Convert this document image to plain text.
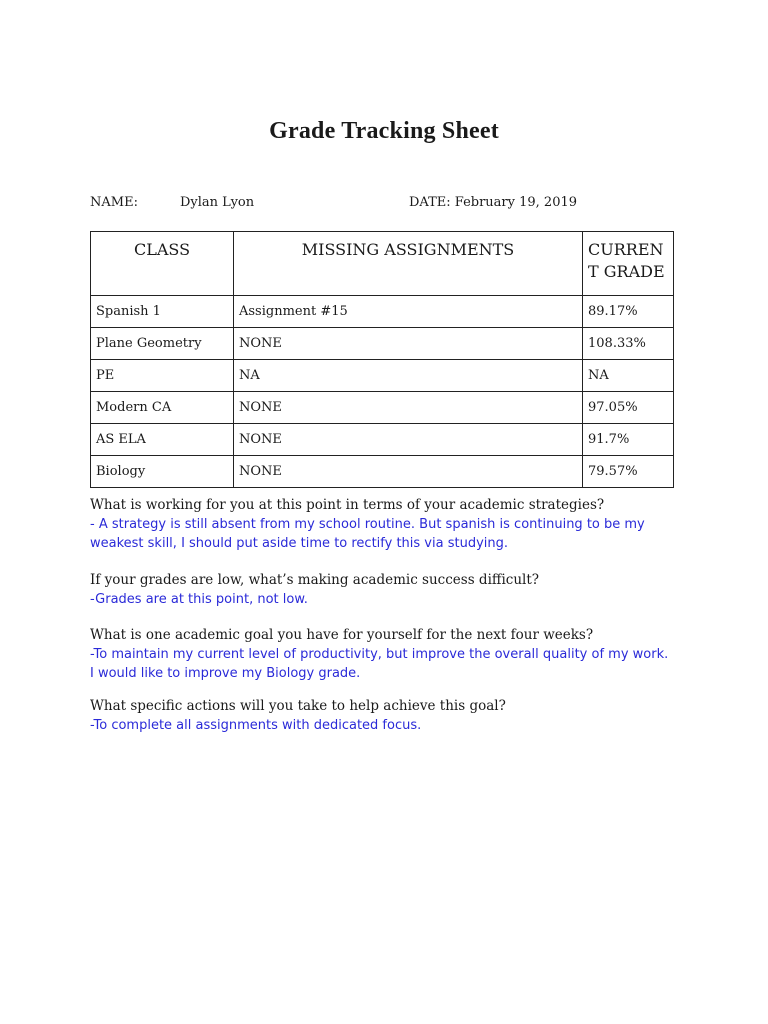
Grade Tracking Sheet
NAME:	Dylan Lyon	DATE: February 19, 2019
CLASS	MISSING ASSIGNMENTS	CURRENT GRADE
Spanish 1	Assignment #15	89.17%
Plane Geometry	NONE	108.33%
PE	NA	NA
Modern CA	NONE	97.05%
AS ELA	NONE	91.7%
Biology	NONE	79.57%
What is working for you at this point in terms of your academic strategies?
- A strategy is still absent from my school routine. But spanish is continuing to be my weakest skill, I should put aside time to rectify this via studying.
If your grades are low, what’s making academic success difficult?
-Grades are at this point, not low.
What is one academic goal you have for yourself for the next four weeks?
-To maintain my current level of productivity, but improve the overall quality of my work.
I would like to improve my Biology grade.
What specific actions will you take to help achieve this goal?
-To complete all assignments with dedicated focus.
